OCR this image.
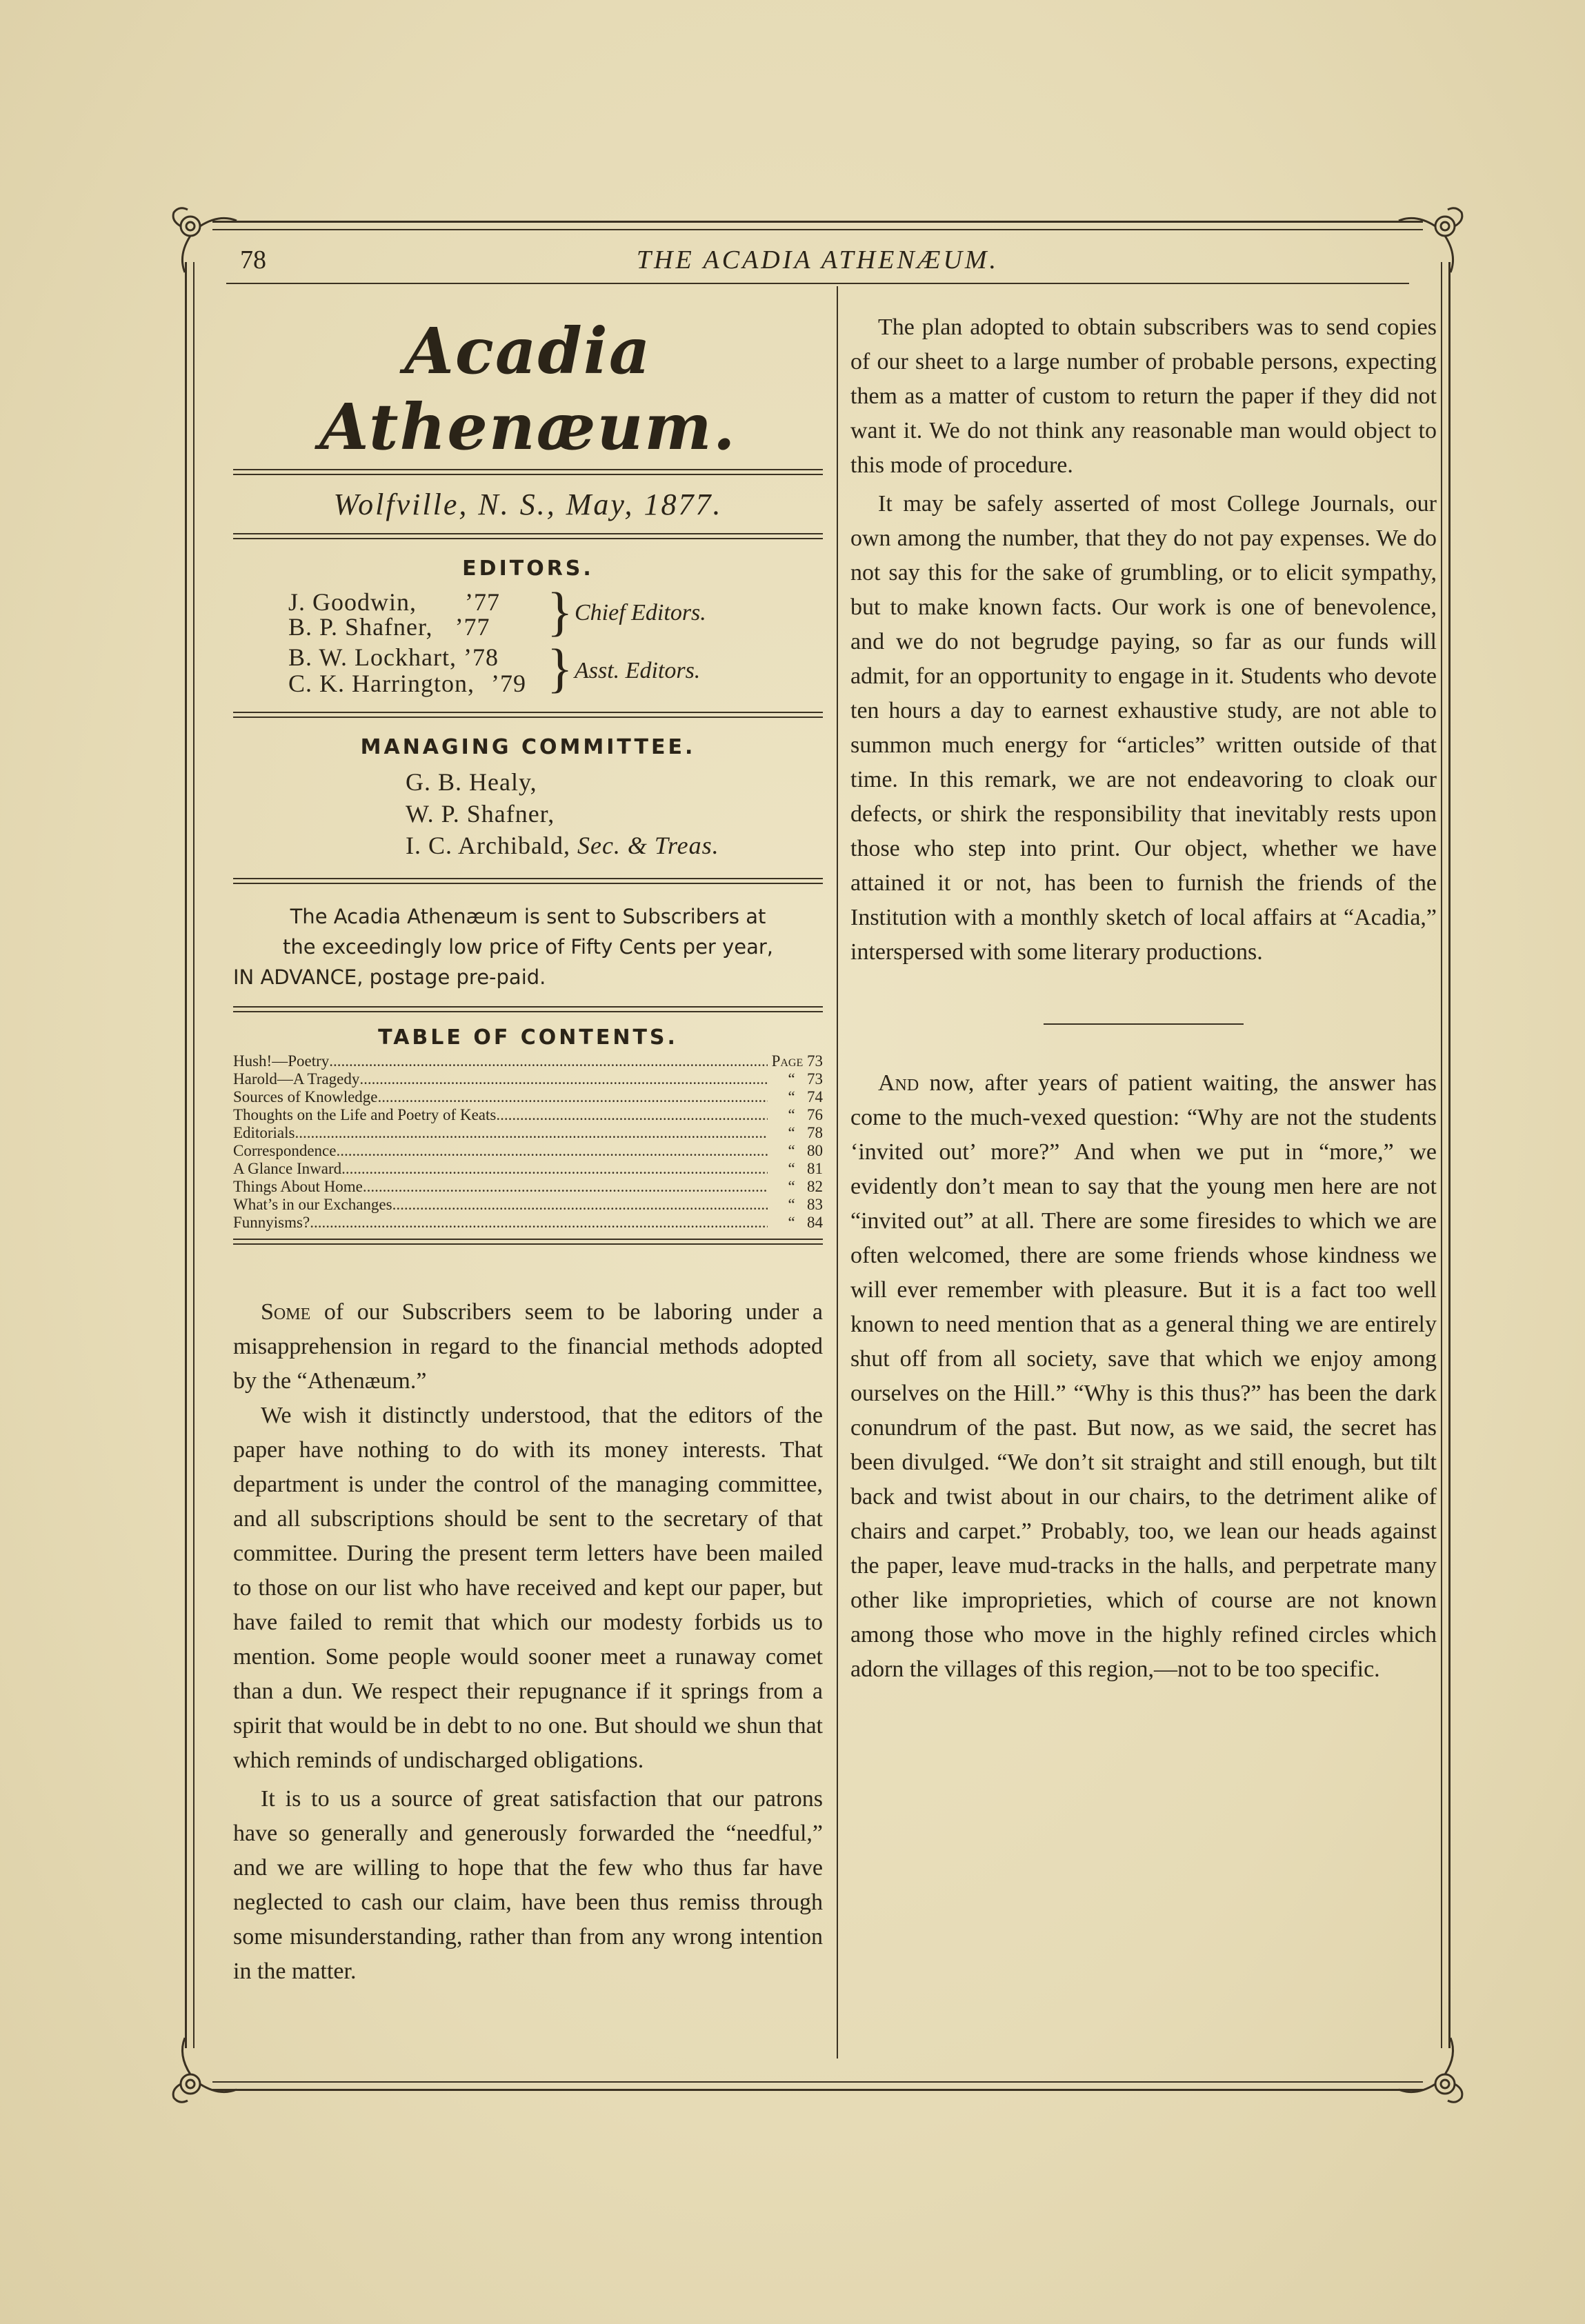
78	THE ACADIA ATHENÆUM.
Acadia Athenæum.
Wolfville, N. S., May, 1877.
EDITORS.
J. Goodwin, ’77
B. P. Shafner, ’77 } Chief Editors.
B. W. Lockhart, ’78
C. K. Harrington, ’79 } Asst. Editors.
MANAGING COMMITTEE.
G. B. Healy,
W. P. Shafner,
I. C. Archibald, Sec. & Treas.
The Acadia Athenæum is sent to Subscribers at
the exceedingly low price of Fifty Cents per year,
IN ADVANCE, postage pre-paid.
TABLE OF CONTENTS.
Hush!—Poetry .....	Page 73
Harold—A Tragedy .....	“ 73
Sources of Knowledge .....	“ 74
Thoughts on the Life and Poetry of Keats .....	“ 76
Editorials .....	“ 78
Correspondence .....	“ 80
A Glance Inward .....	“ 81
Things About Home .....	“ 82
What’s in our Exchanges .....	“ 83
Funnyisms? .....	“ 84

Some of our Subscribers seem to be laboring under a misapprehension in regard to the financial methods adopted by the “Athenæum.”

We wish it distinctly understood, that the editors of the paper have nothing to do with its money interests. That department is under the control of the managing committee, and all subscriptions should be sent to the secretary of that committee. During the present term letters have been mailed to those on our list who have received and kept our paper, but have failed to remit that which our modesty forbids us to mention. Some people would sooner meet a runaway comet than a dun. We respect their repugnance if it springs from a spirit that would be in debt to no one. But should we shun that which reminds of undischarged obligations.

It is to us a source of great satisfaction that our patrons have so generally and generously forwarded the “needful,” and we are willing to hope that the few who thus far have neglected to cash our claim, have been thus remiss through some misunderstanding, rather than from any wrong intention in the matter.

The plan adopted to obtain subscribers was to send copies of our sheet to a large number of probable persons, expecting them as a matter of custom to return the paper if they did not want it. We do not think any reasonable man would object to this mode of procedure.

It may be safely asserted of most College Journals, our own among the number, that they do not pay expenses. We do not say this for the sake of grumbling, or to elicit sympathy, but to make known facts. Our work is one of benevolence, and we do not begrudge paying, so far as our funds will admit, for an opportunity to engage in it. Students who devote ten hours a day to earnest exhaustive study, are not able to summon much energy for “articles” written outside of that time. In this remark, we are not endeavoring to cloak our defects, or shirk the responsibility that inevitably rests upon those who step into print. Our object, whether we have attained it or not, has been to furnish the friends of the Institution with a monthly sketch of local affairs at “Acadia,” interspersed with some literary productions.

And now, after years of patient waiting, the answer has come to the much-vexed question: “Why are not the students ‘invited out’ more?” And when we put in “more,” we evidently don’t mean to say that the young men here are not “invited out” at all. There are some firesides to which we are often welcomed, there are some friends whose kindness we will ever remember with pleasure. But it is a fact too well known to need mention that as a general thing we are entirely shut off from all society, save that which we enjoy among ourselves on the Hill.” “Why is this thus?” has been the dark conundrum of the past. But now, as we said, the secret has been divulged. “We don’t sit straight and still enough, but tilt back and twist about in our chairs, to the detriment alike of chairs and carpet.” Probably, too, we lean our heads against the paper, leave mud-tracks in the halls, and perpetrate many other like improprieties, which of course are not known among those who move in the highly refined circles which adorn the villages of this region,—not to be too specific.
